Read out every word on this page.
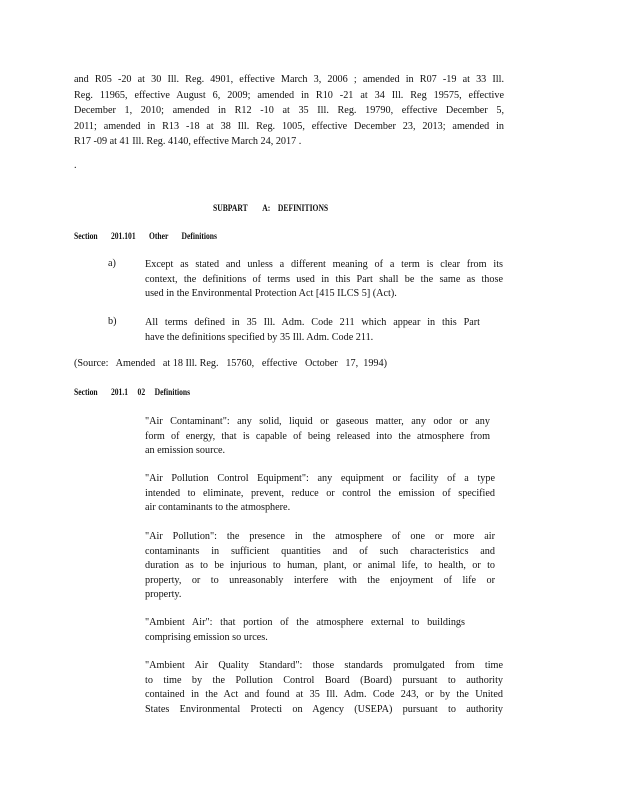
and R05 -20 at 30 Ill. Reg. 4901, effective March 3, 2006 ; amended in R07 -19 at 33 Ill.
Reg. 11965, effective August 6, 2009; amended in R10 -21 at 34 Ill. Reg 19575, effective
December 1, 2010; amended in R12 -10 at 35 Ill. Reg. 19790, effective December 5,
2011; amended in R13 -18 at 38 Ill. Reg. 1005, effective December 23, 2013; amended in
R17 -09 at 41 Ill. Reg. 4140, effective March 24, 2017 .
.
SUBPART        A:    DEFINITIONS
Section       201.101       Other       Definitions
a)	Except as stated and unless a different meaning of a term is clear from its
context, the definitions of terms used in this Part shall be the same as those
used in the Environmental Protection Act [415 ILCS 5] (Act).
b)	All terms defined in 35 Ill. Adm. Code 211 which appear in this Part
have the definitions specified by 35 Ill. Adm. Code 211.
(Source:   Amended   at 18 Ill. Reg.   15760,   effective   October   17,  1994)
Section       201.1     02     Definitions
"Air Contaminant": any solid, liquid or gaseous matter, any odor or any
form of energy, that is capable of being released into the atmosphere from
an emission source.
"Air Pollution Control Equipment": any equipment or facility of a type
intended to eliminate, prevent, reduce or control the emission of specified
air contaminants to the atmosphere.
"Air Pollution": the presence in the atmosphere of one or more air
contaminants in sufficient quantities and of such characteristics and
duration as to be injurious to human, plant, or animal life, to health, or to
property, or to unreasonably interfere with the enjoyment of life or
property.
"Ambient Air": that portion of the atmosphere external to buildings
comprising emission so urces.
"Ambient Air Quality Standard": those standards promulgated from time
to time by the Pollution Control Board (Board) pursuant to authority
contained in the Act and found at 35 Ill. Adm. Code 243, or by the United
States Environmental Protecti on Agency (USEPA) pursuant to authority
